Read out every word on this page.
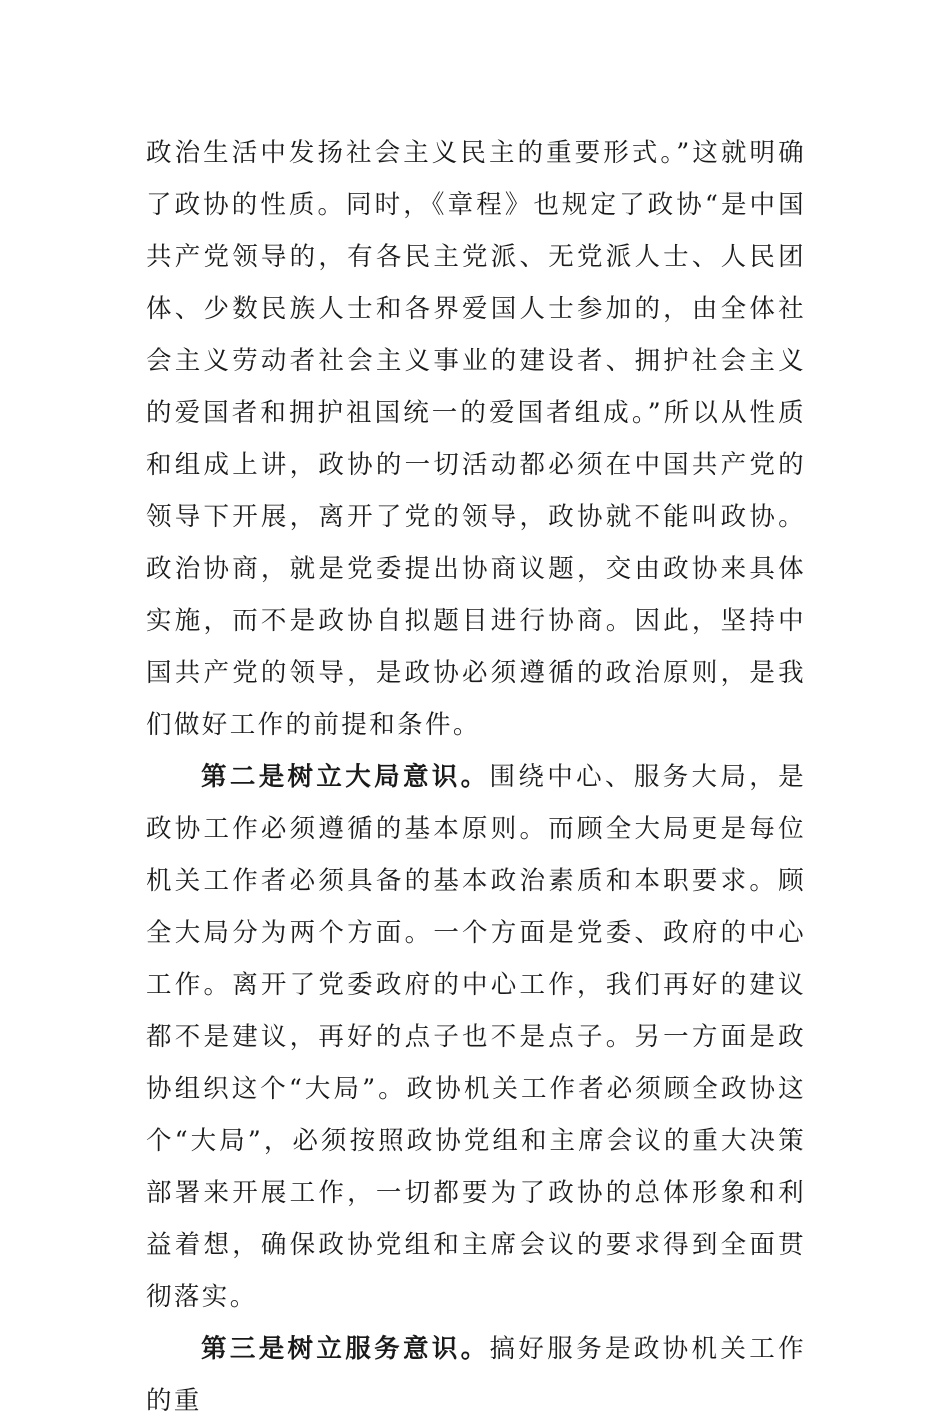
政治生活中发扬社会主义民主的重要形式。”这就明确了政协的性质。同时，《章程》也规定了政协“是中国共产党领导的，有各民主党派、无党派人士、人民团体、少数民族人士和各界爱国人士参加的，由全体社会主义劳动者社会主义事业的建设者、拥护社会主义的爱国者和拥护祖国统一的爱国者组成。”所以从性质和组成上讲，政协的一切活动都必须在中国共产党的领导下开展，离开了党的领导，政协就不能叫政协。政治协商，就是党委提出协商议题，交由政协来具体实施，而不是政协自拟题目进行协商。因此，坚持中国共产党的领导，是政协必须遵循的政治原则，是我们做好工作的前提和条件。

第二是树立大局意识。围绕中心、服务大局，是政协工作必须遵循的基本原则。而顾全大局更是每位机关工作者必须具备的基本政治素质和本职要求。顾全大局分为两个方面。一个方面是党委、政府的中心工作。离开了党委政府的中心工作，我们再好的建议都不是建议，再好的点子也不是点子。另一方面是政协组织这个“大局”。政协机关工作者必须顾全政协这个“大局”，必须按照政协党组和主席会议的重大决策部署来开展工作，一切都要为了政协的总体形象和利益着想，确保政协党组和主席会议的要求得到全面贯彻落实。

第三是树立服务意识。搞好服务是政协机关工作的重
